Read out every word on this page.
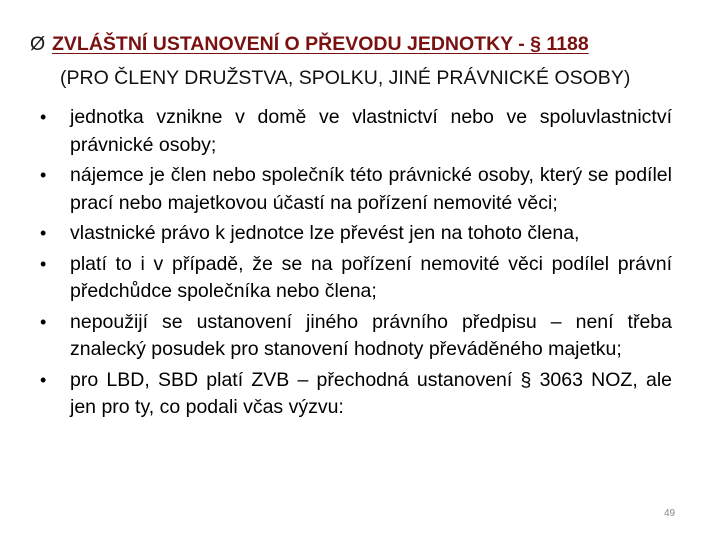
Ø ZVLÁŠTNÍ USTANOVENÍ O PŘEVODU JEDNOTKY - § 1188
(PRO ČLENY DRUŽSTVA, SPOLKU, JINÉ PRÁVNICKÉ OSOBY)
•	jednotka vznikne v domě ve vlastnictví nebo ve spoluvlastnictví právnické osoby;
•	nájemce je člen nebo společník této právnické osoby, který se podílel prací nebo majetkovou účastí na pořízení nemovité věci;
•	vlastnické právo k jednotce lze převést jen na tohoto člena,
•	platí to i v případě, že se na pořízení nemovité věci podílel právní předchůdce společníka nebo člena;
•	nepoužijí se ustanovení jiného právního předpisu – není třeba znalecký posudek pro stanovení hodnoty převáděného majetku;
•	pro LBD, SBD platí ZVB – přechodná ustanovení § 3063 NOZ, ale jen pro ty, co podali včas výzvu:
49
